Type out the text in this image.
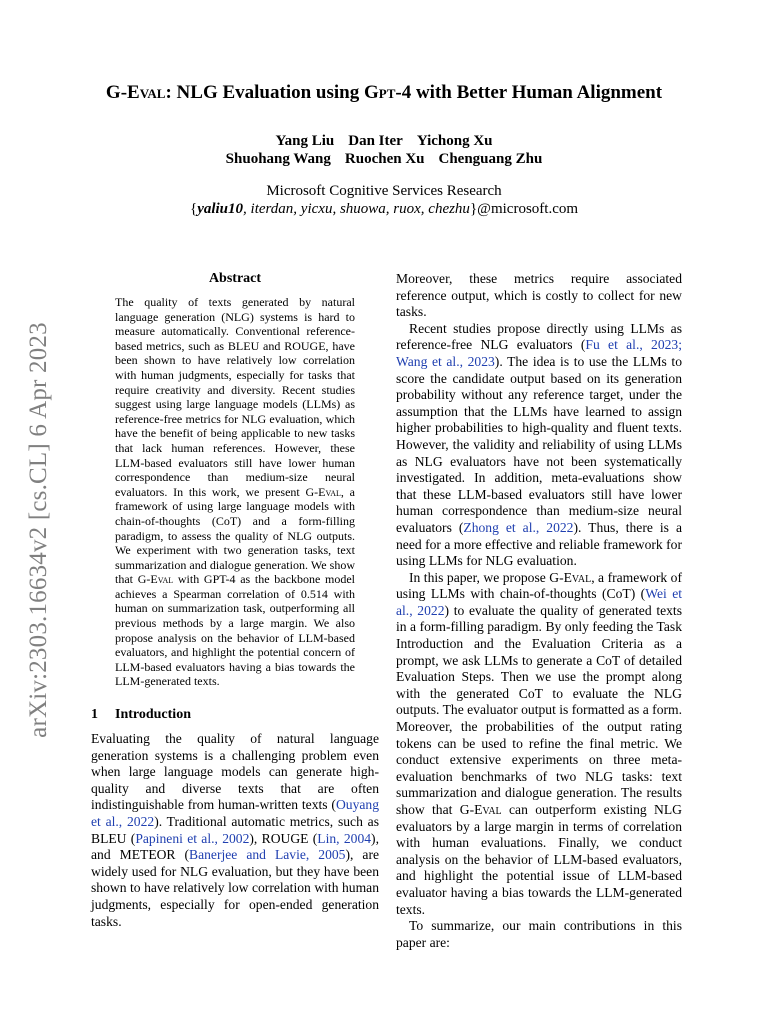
arXiv:2303.16634v2 [cs.CL] 6 Apr 2023
G-Eval: NLG Evaluation using Gpt-4 with Better Human Alignment
Yang Liu Dan Iter Yichong Xu
Shuohang Wang Ruochen Xu Chenguang Zhu
Microsoft Cognitive Services Research
{yaliu10, iterdan, yicxu, shuowa, ruox, chezhu}@microsoft.com
Abstract

The quality of texts generated by natural language generation (NLG) systems is hard to measure automatically. Conventional reference-based metrics, such as BLEU and ROUGE, have been shown to have relatively low correlation with human judgments, especially for tasks that require creativity and diversity. Recent studies suggest using large language models (LLMs) as reference-free metrics for NLG evaluation, which have the benefit of being applicable to new tasks that lack human references. However, these LLM-based evaluators still have lower human correspondence than medium-size neural evaluators. In this work, we present G-Eval, a framework of using large language models with chain-of-thoughts (CoT) and a form-filling paradigm, to assess the quality of NLG outputs. We experiment with two generation tasks, text summarization and dialogue generation. We show that G-Eval with GPT-4 as the backbone model achieves a Spearman correlation of 0.514 with human on summarization task, outperforming all previous methods by a large margin. We also propose analysis on the behavior of LLM-based evaluators, and highlight the potential concern of LLM-based evaluators having a bias towards the LLM-generated texts.

1 Introduction

Evaluating the quality of natural language generation systems is a challenging problem even when large language models can generate high-quality and diverse texts that are often indistinguishable from human-written texts (Ouyang et al., 2022). Traditional automatic metrics, such as BLEU (Papineni et al., 2002), ROUGE (Lin, 2004), and METEOR (Banerjee and Lavie, 2005), are widely used for NLG evaluation, but they have been shown to have relatively low correlation with human judgments, especially for open-ended generation tasks.

Moreover, these metrics require associated reference output, which is costly to collect for new tasks.

Recent studies propose directly using LLMs as reference-free NLG evaluators (Fu et al., 2023; Wang et al., 2023). The idea is to use the LLMs to score the candidate output based on its generation probability without any reference target, under the assumption that the LLMs have learned to assign higher probabilities to high-quality and fluent texts. However, the validity and reliability of using LLMs as NLG evaluators have not been systematically investigated. In addition, meta-evaluations show that these LLM-based evaluators still have lower human correspondence than medium-size neural evaluators (Zhong et al., 2022). Thus, there is a need for a more effective and reliable framework for using LLMs for NLG evaluation.

In this paper, we propose G-Eval, a framework of using LLMs with chain-of-thoughts (CoT) (Wei et al., 2022) to evaluate the quality of generated texts in a form-filling paradigm. By only feeding the Task Introduction and the Evaluation Criteria as a prompt, we ask LLMs to generate a CoT of detailed Evaluation Steps. Then we use the prompt along with the generated CoT to evaluate the NLG outputs. The evaluator output is formatted as a form. Moreover, the probabilities of the output rating tokens can be used to refine the final metric. We conduct extensive experiments on three meta-evaluation benchmarks of two NLG tasks: text summarization and dialogue generation. The results show that G-Eval can outperform existing NLG evaluators by a large margin in terms of correlation with human evaluations. Finally, we conduct analysis on the behavior of LLM-based evaluators, and highlight the potential issue of LLM-based evaluator having a bias towards the LLM-generated texts.

To summarize, our main contributions in this paper are:
